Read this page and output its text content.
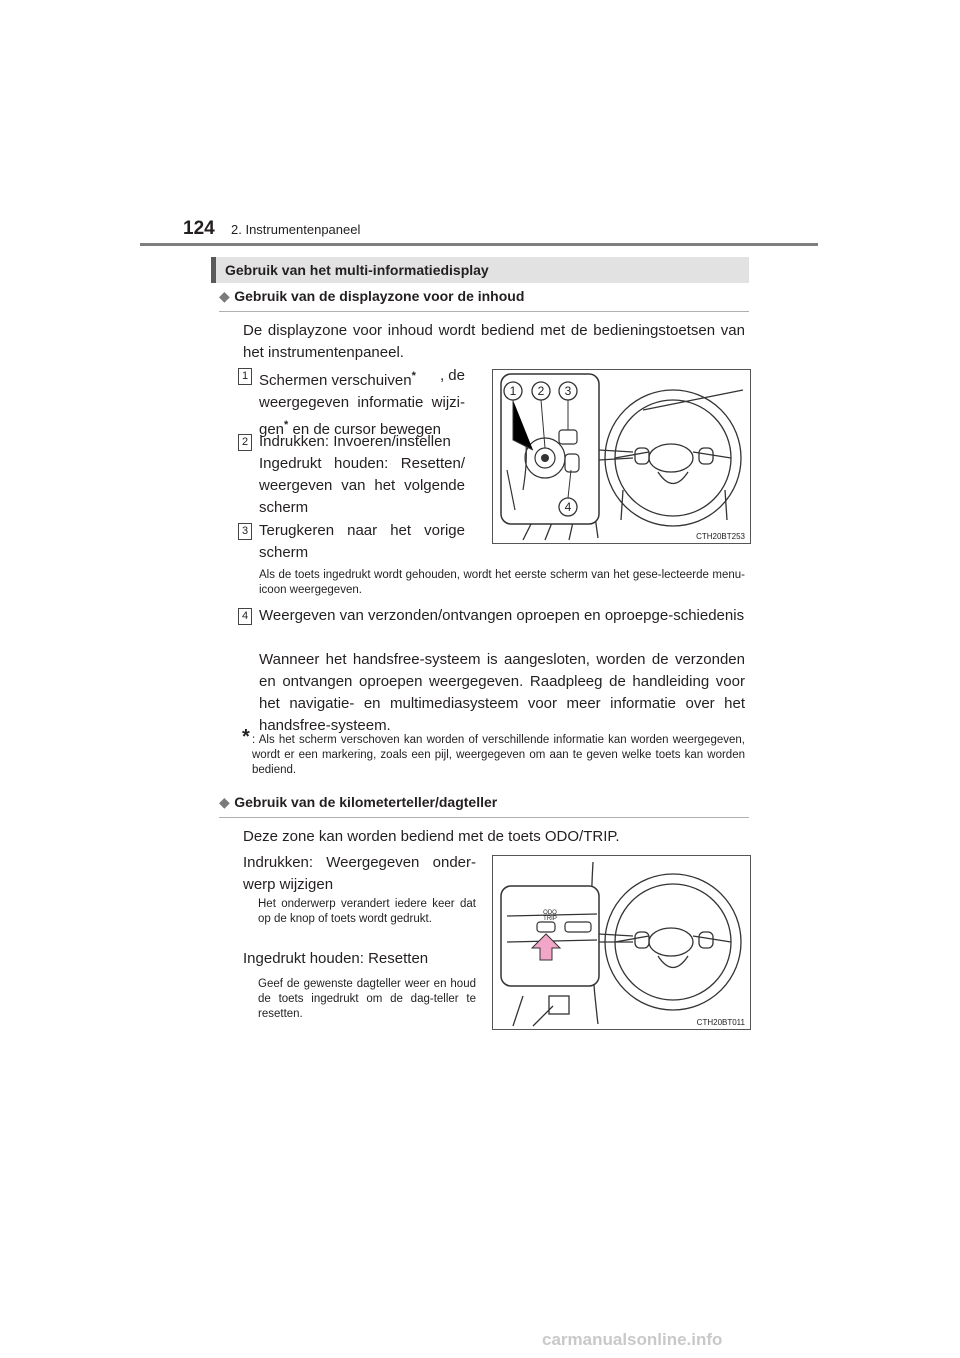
124 2. Instrumentenpaneel
Gebruik van het multi-informatiedisplay
◆ Gebruik van de displayzone voor de inhoud
De displayzone voor inhoud wordt bediend met de bedieningstoetsen van het instrumentenpaneel.
1 Schermen verschuiven* , de
weergegeven informatie wijzi-
gen* en de cursor bewegen
2 Indrukken: Invoeren/instellen
Ingedrukt houden: Resetten/
weergeven van het volgende
scherm
3 Terugkeren naar het vorige
scherm
1 2 3
4
CTH20BT253
Als de toets ingedrukt wordt gehouden, wordt het eerste scherm van het gese-lecteerde menu-icoon weergegeven.
4 Weergeven van verzonden/ontvangen oproepen en oproepge-schiedenis
Wanneer het handsfree-systeem is aangesloten, worden de verzonden en ontvangen oproepen weergegeven. Raadpleeg de handleiding voor het navigatie- en multimediasysteem voor meer informatie over het handsfree-systeem.
* : Als het scherm verschoven kan worden of verschillende informatie kan worden weergegeven, wordt er een markering, zoals een pijl, weergegeven om aan te geven welke toets kan worden bediend.
◆ Gebruik van de kilometerteller/dagteller
Deze zone kan worden bediend met de toets ODO/TRIP.
Indrukken: Weergegeven onder-werp wijzigen
Het onderwerp verandert iedere keer dat op de knop of toets wordt gedrukt.
Ingedrukt houden: Resetten
Geef de gewenste dagteller weer en houd de toets ingedrukt om de dag-teller te resetten.
ODO
TRIP
CTH20BT011
carmanualsonline.info
